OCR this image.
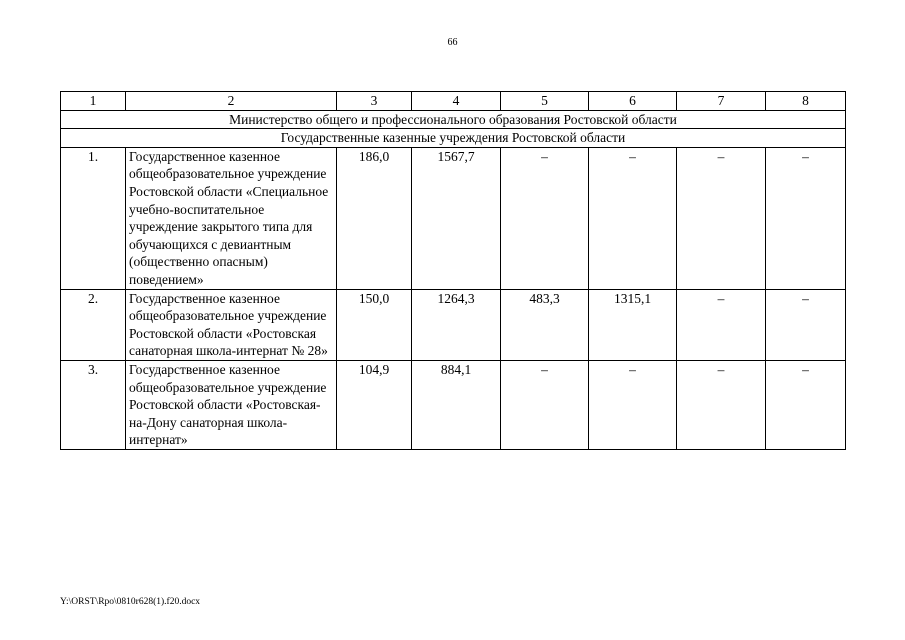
66
1	2	3	4	5	6	7	8
Министерство общего и профессионального образования Ростовской области							
Государственные казенные учреждения Ростовской области							
1.	Государственное казенное общеобразовательное учреждение Ростовской области «Специальное учебно-воспитательное учреждение закрытого типа для обучающихся с девиантным (общественно опасным) поведением»	186,0	1567,7	–	–	–	–
2.	Государственное казенное общеобразовательное учреждение Ростовской области «Ростовская санаторная школа-интернат № 28»	150,0	1264,3	483,3	1315,1	–	–
3.	Государственное казенное общеобразовательное учреждение Ростовской области «Ростовская-на-Дону санаторная школа-интернат»	104,9	884,1	–	–	–	–
Y:\ORST\Rpo\0810r628(1).f20.docx
